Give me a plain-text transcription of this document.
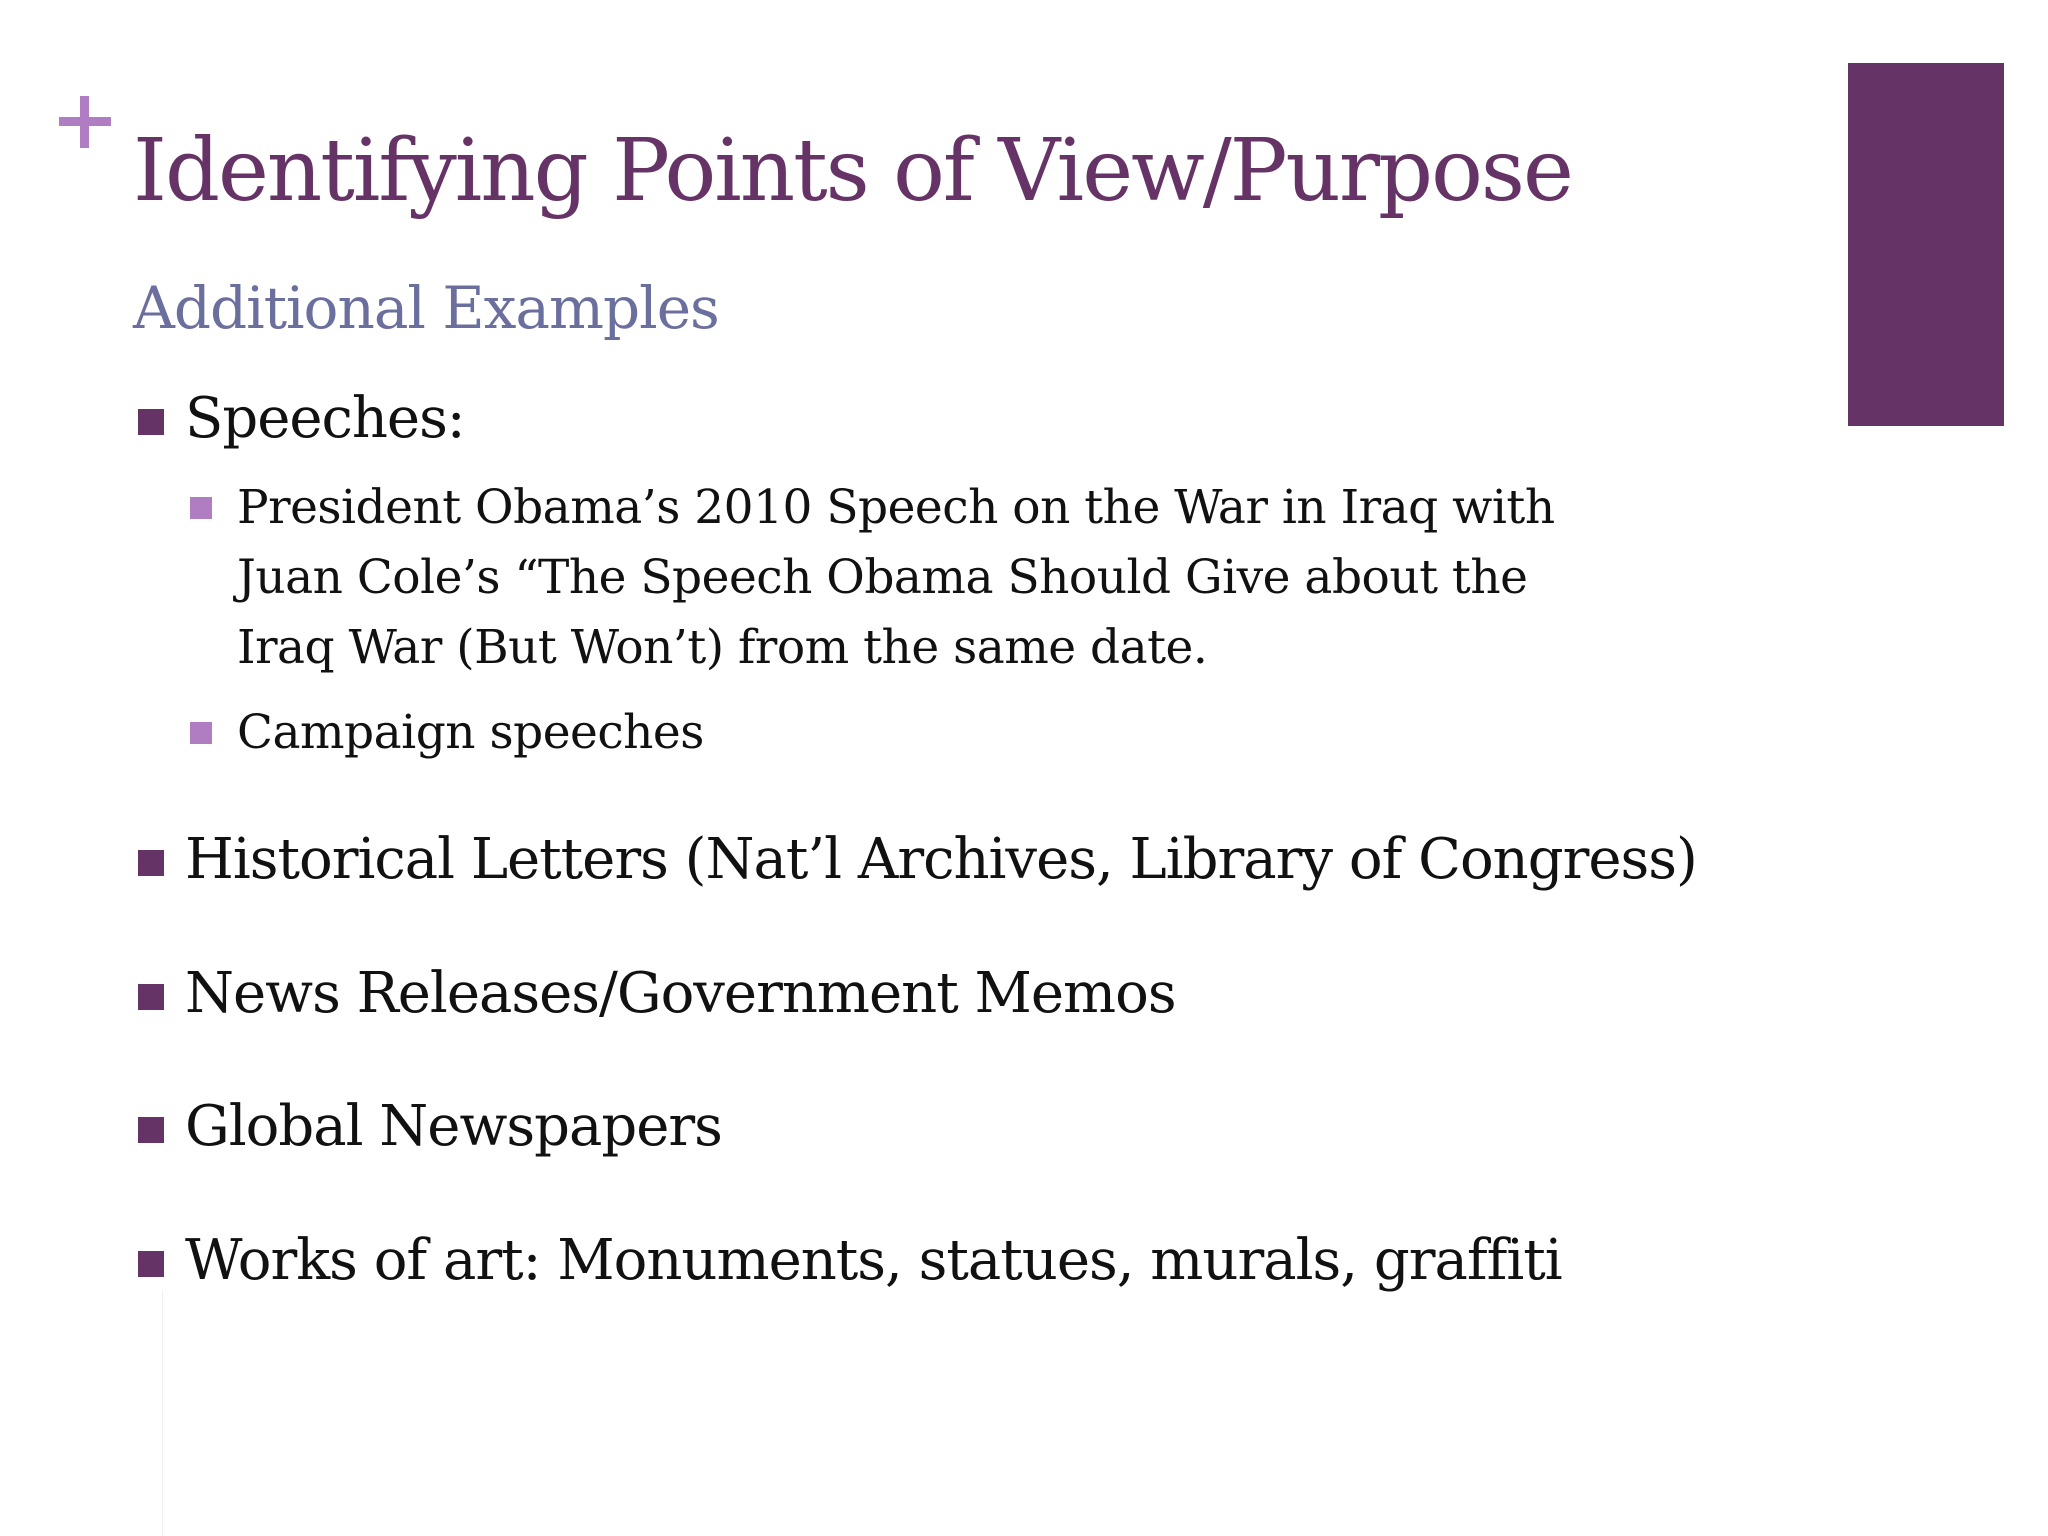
Identifying Points of View/Purpose
Additional Examples
Speeches:
President Obama’s 2010 Speech on the War in Iraq with
Juan Cole’s “The Speech Obama Should Give about the
Iraq War (But Won’t) from the same date.
Campaign speeches
Historical Letters (Nat’l Archives, Library of Congress)
News Releases/Government Memos
Global Newspapers
Works of art: Monuments, statues, murals, graffiti
